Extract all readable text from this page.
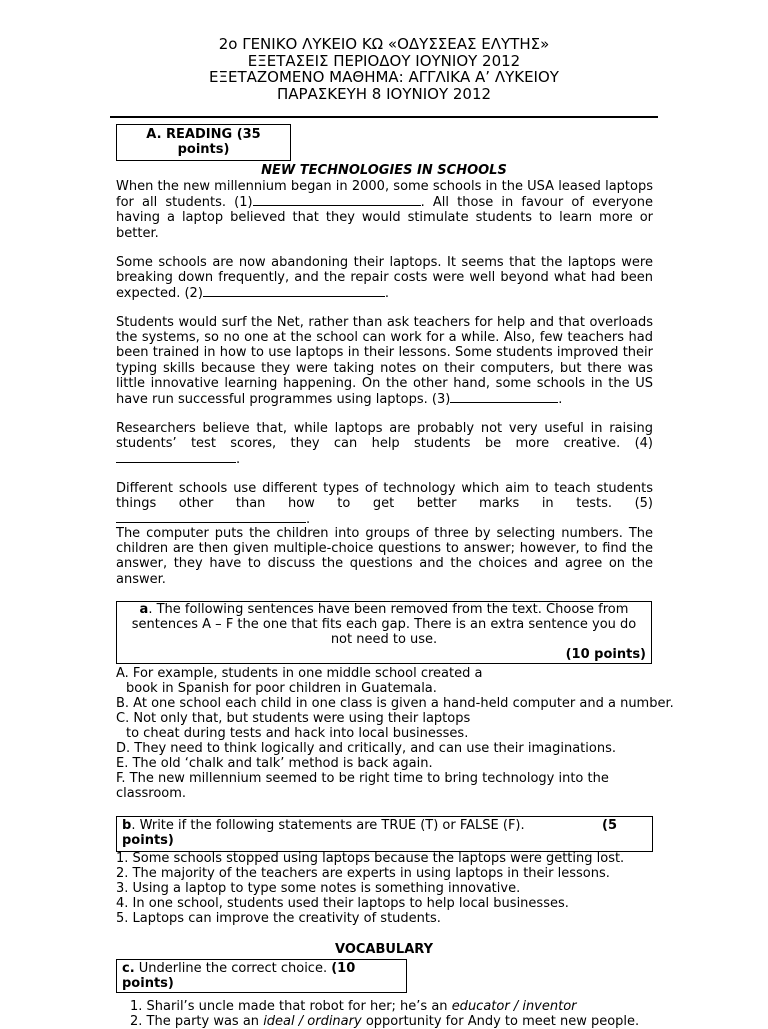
2ο ΓΕΝΙΚΟ ΛΥΚΕΙΟ ΚΩ «ΟΔΥΣΣΕΑΣ ΕΛΥΤΗΣ»
ΕΞΕΤΑΣΕΙΣ ΠΕΡΙΟΔΟΥ ΙΟΥΝΙΟΥ 2012
ΕΞΕΤΑΖΟΜΕΝΟ ΜΑΘΗΜΑ: ΑΓΓΛΙΚΑ Α’ ΛΥΚΕΙΟΥ
ΠΑΡΑΣΚΕΥΗ 8 ΙΟΥΝΙΟΥ 2012
A. READING (35
points)
NEW TECHNOLOGIES IN SCHOOLS

When the new millennium began in 2000, some schools in the USA leased laptops for all students. (1)	. All those in favour of everyone having a laptop believed that they would stimulate students to learn more or better.

Some schools are now abandoning their laptops. It seems that the laptops were breaking down frequently, and the repair costs were well beyond what had been expected. (2)	.

Students would surf the Net, rather than ask teachers for help and that overloads the systems, so no one at the school can work for a while. Also, few teachers had been trained in how to use laptops in their lessons. Some students improved their typing skills because they were taking notes on their computers, but there was little innovative learning happening. On the other hand, some schools in the US have run successful programmes using laptops. (3)	.

Researchers believe that, while laptops are probably not very useful in raising students’ test scores, they can help students be more creative. (4).

Different schools use different types of technology which aim to teach students things other than how to get better marks in tests. (5).

The computer puts the children into groups of three by selecting numbers. The children are then given multiple-choice questions to answer; however, to find the answer, they have to discuss the questions and the choices and agree on the answer.

a. The following sentences have been removed from the text. Choose from sentences A – F the one that fits each gap. There is an extra sentence you do not need to use.
(10 points)
A. For example, students in one middle school created a
book in Spanish for poor children in Guatemala.
B. At one school each child in one class is given a hand-held computer and a number.
C. Not only that, but students were using their laptops
to cheat during tests and hack into local businesses.
D. They need to think logically and critically, and can use their imaginations.
E. The old ‘chalk and talk’ method is back again.
F. The new millennium seemed to be right time to bring technology into the
classroom.
b. Write if the following statements are TRUE (T) or FALSE (F).	(5
points)
1. Some schools stopped using laptops because the laptops were getting lost.
2. The majority of the teachers are experts in using laptops in their lessons.
3. Using a laptop to type some notes is something innovative.
4. In one school, students used their laptops to help local businesses.
5. Laptops can improve the creativity of students.
VOCABULARY
c. Underline the correct choice. (10
points)
1. Sharil’s uncle made that robot for her; he’s an educator / inventor
2. The party was an ideal / ordinary opportunity for Andy to meet new people.
